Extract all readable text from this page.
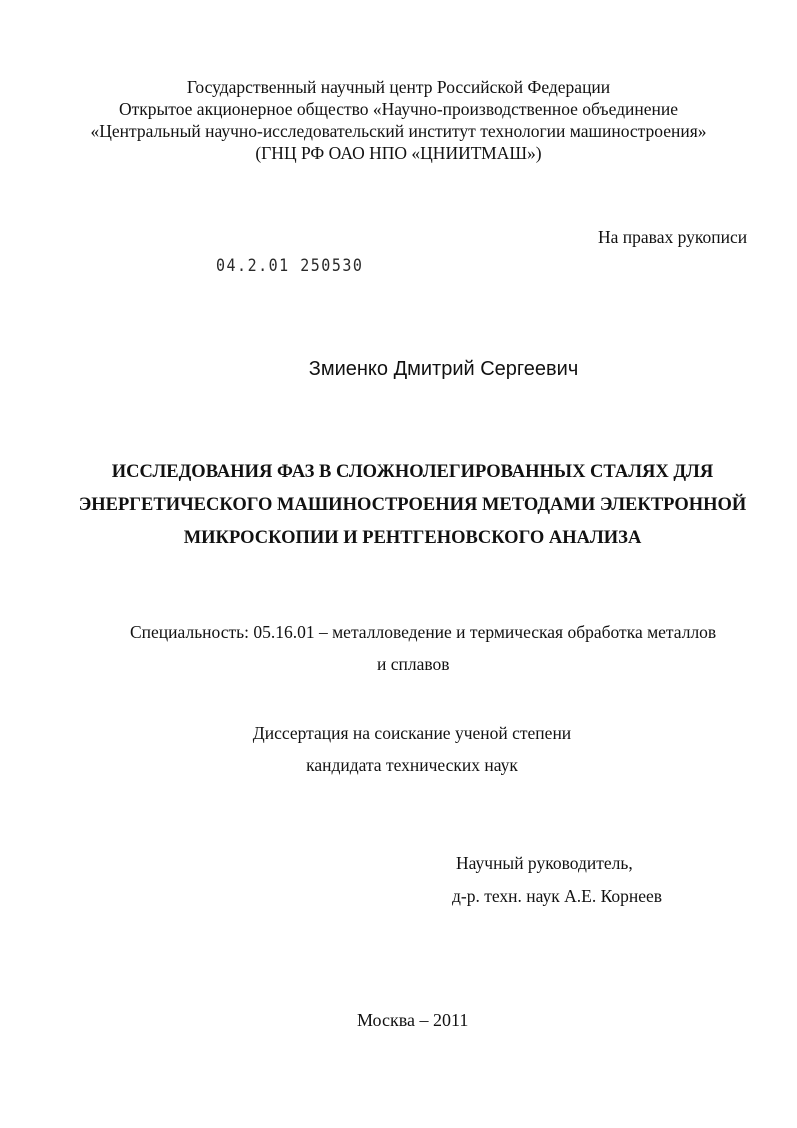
Государственный научный центр Российской Федерации
Открытое акционерное общество «Научно-производственное объединение
«Центральный научно-исследовательский институт технологии машиностроения»
(ГНЦ РФ ОАО НПО «ЦНИИТМАШ»)
На правах рукописи
04.2.01 250530
Змиенко Дмитрий Сергеевич
ИССЛЕДОВАНИЯ ФАЗ В СЛОЖНОЛЕГИРОВАННЫХ СТАЛЯХ ДЛЯ
ЭНЕРГЕТИЧЕСКОГО МАШИНОСТРОЕНИЯ МЕТОДАМИ ЭЛЕКТРОННОЙ
МИКРОСКОПИИ И РЕНТГЕНОВСКОГО АНАЛИЗА
Специальность: 05.16.01 – металловедение и термическая обработка металлов
и сплавов
Диссертация на соискание ученой степени
кандидата технических наук
Научный руководитель,
д-р. техн. наук А.Е. Корнеев
Москва – 2011
